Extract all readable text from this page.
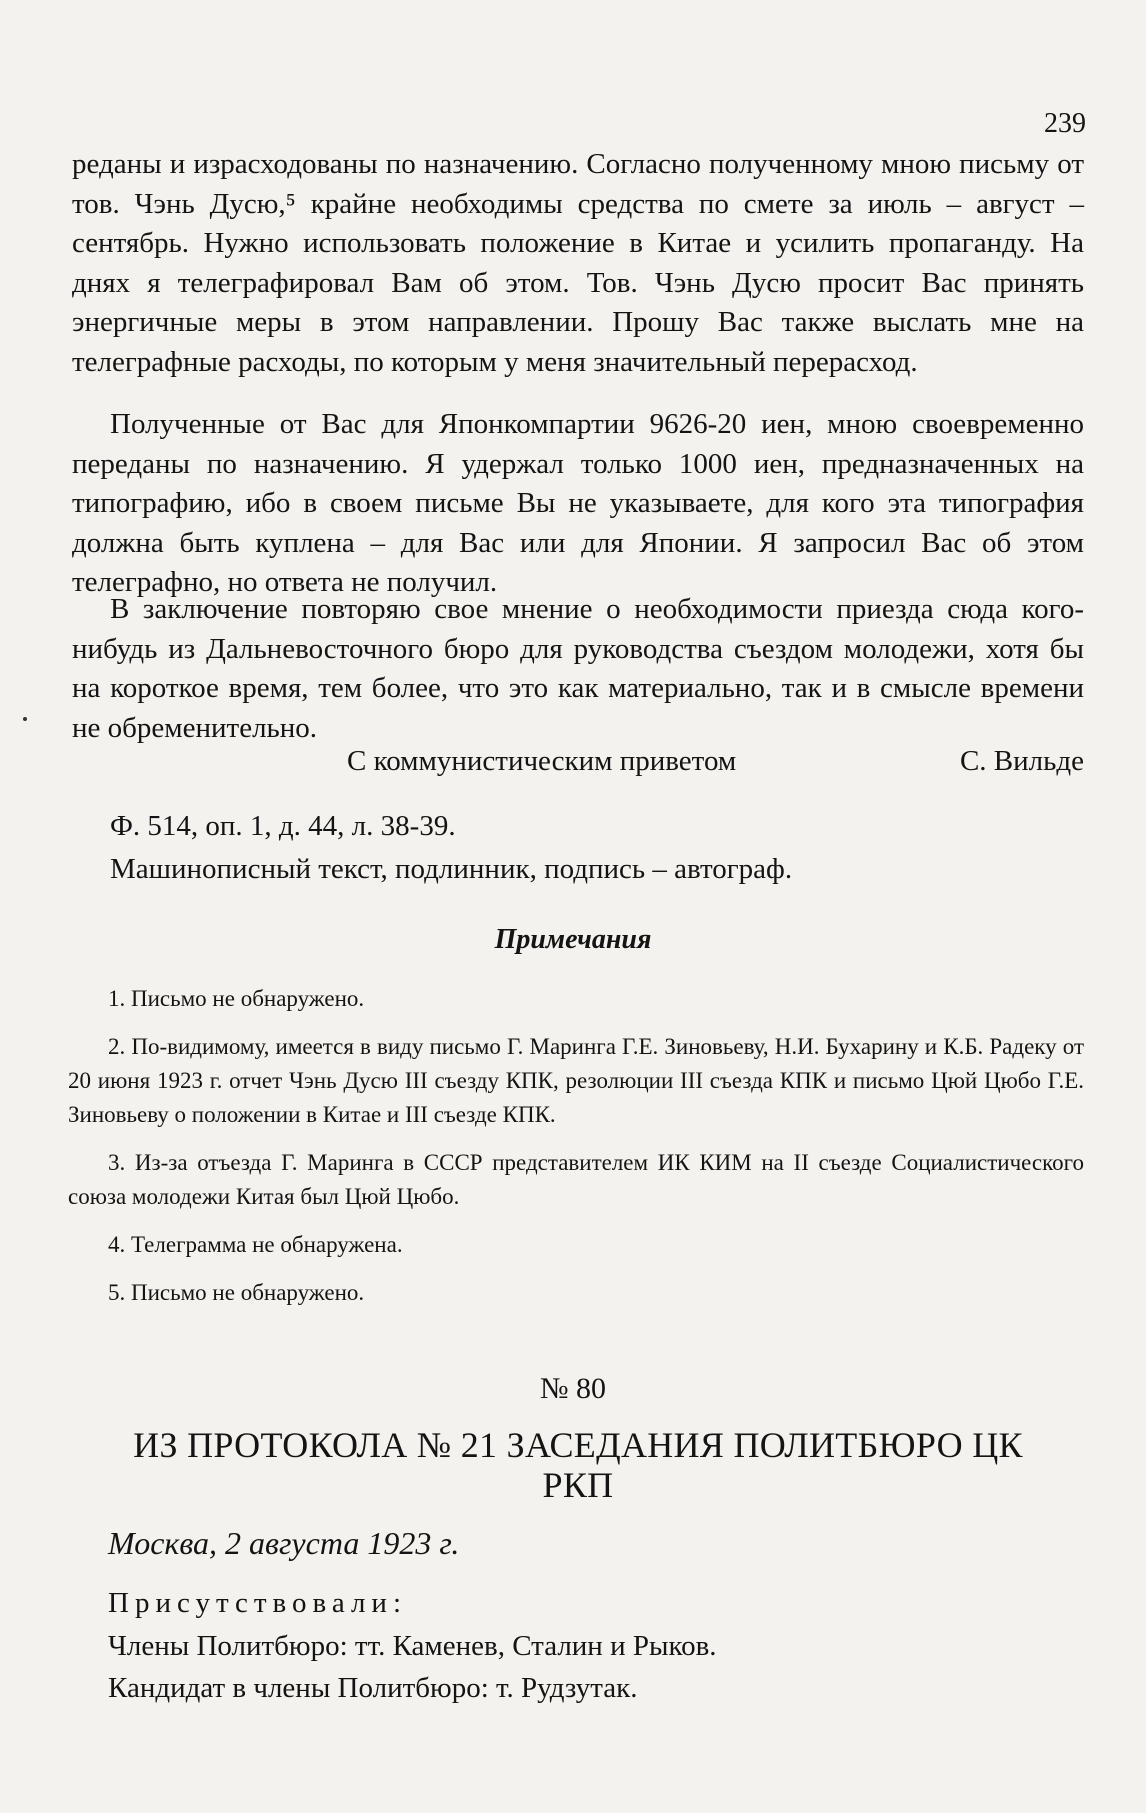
239

реданы и израсходованы по назначению. Согласно полученному мною письму от тов. Чэнь Дусю,⁵ крайне необходимы средства по смете за июль – август – сентябрь. Нужно использовать положение в Китае и усилить пропаганду. На днях я телеграфировал Вам об этом. Тов. Чэнь Дусю просит Вас принять энергичные меры в этом направлении. Прошу Вас также выслать мне на телеграфные расходы, по которым у меня значительный перерасход.

Полученные от Вас для Японкомпартии 9626-20 иен, мною своевременно переданы по назначению. Я удержал только 1000 иен, предназначенных на типографию, ибо в своем письме Вы не указываете, для кого эта типография должна быть куплена – для Вас или для Японии. Я запросил Вас об этом телеграфно, но ответа не получил.

В заключение повторяю свое мнение о необходимости приезда сюда кого-нибудь из Дальневосточного бюро для руководства съездом молодежи, хотя бы на короткое время, тем более, что это как материально, так и в смысле времени не обременительно.

С коммунистическим приветом	С. Вильде
Ф. 514, оп. 1, д. 44, л. 38-39.
Машинописный текст, подлинник, подпись – автограф.
Примечания

1. Письмо не обнаружено.

2. По-видимому, имеется в виду письмо Г. Маринга Г.Е. Зиновьеву, Н.И. Бухарину и К.Б. Радеку от 20 июня 1923 г. отчет Чэнь Дусю III съезду КПК, резолюции III съезда КПК и письмо Цюй Цюбо Г.Е. Зиновьеву о положении в Китае и III съезде КПК.

3. Из-за отъезда Г. Маринга в СССР представителем ИК КИМ на II съезде Социалистического союза молодежи Китая был Цюй Цюбо.

4. Телеграмма не обнаружена.

5. Письмо не обнаружено.

№ 80
ИЗ ПРОТОКОЛА № 21 ЗАСЕДАНИЯ ПОЛИТБЮРО ЦК
РКП
Москва, 2 августа 1923 г.
Присутствовали:
Члены Политбюро: тт. Каменев, Сталин и Рыков.
Кандидат в члены Политбюро: т. Рудзутак.
